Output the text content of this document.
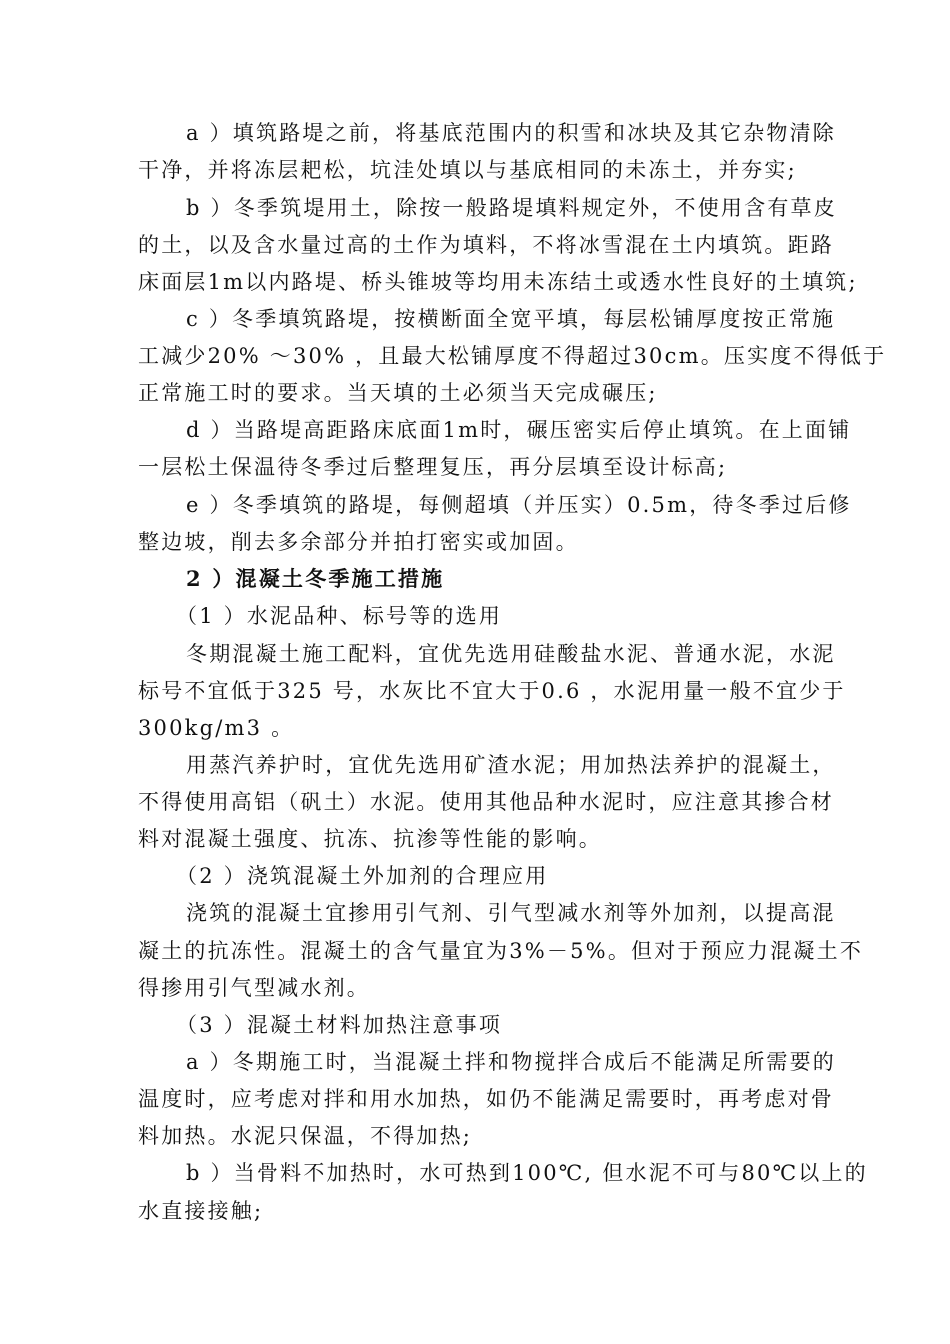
a ）填筑路堤之前，将基底范围内的积雪和冰块及其它杂物清除
干净，并将冻层耙松，坑洼处填以与基底相同的未冻土，并夯实;
b ）冬季筑堤用土，除按一般路堤填料规定外，不使用含有草皮
的土，以及含水量过高的土作为填料，不将冰雪混在土内填筑。距路
床面层1m以内路堤、桥头锥坡等均用未冻结土或透水性良好的土填筑;
c ）冬季填筑路堤，按横断面全宽平填，每层松铺厚度按正常施
工减少20% ～30% ，且最大松铺厚度不得超过30cm。压实度不得低于
正常施工时的要求。当天填的土必须当天完成碾压;
d ）当路堤高距路床底面1m时，碾压密实后停止填筑。在上面铺
一层松土保温待冬季过后整理复压，再分层填至设计标高;
e ）冬季填筑的路堤，每侧超填（并压实）0.5m，待冬季过后修
整边坡，削去多余部分并拍打密实或加固。
2 ）混凝土冬季施工措施
（1 ）水泥品种、标号等的选用
冬期混凝土施工配料，宜优先选用硅酸盐水泥、普通水泥，水泥
标号不宜低于325 号，水灰比不宜大于0.6 ，水泥用量一般不宜少于
300kg/m3 。
用蒸汽养护时，宜优先选用矿渣水泥；用加热法养护的混凝土，
不得使用高铝（矾土）水泥。使用其他品种水泥时，应注意其掺合材
料对混凝土强度、抗冻、抗渗等性能的影响。
（2 ）浇筑混凝土外加剂的合理应用
浇筑的混凝土宜掺用引气剂、引气型减水剂等外加剂，以提高混
凝土的抗冻性。混凝土的含气量宜为3%－5%。但对于预应力混凝土不
得掺用引气型减水剂。
（3 ）混凝土材料加热注意事项
a ）冬期施工时，当混凝土拌和物搅拌合成后不能满足所需要的
温度时，应考虑对拌和用水加热，如仍不能满足需要时，再考虑对骨
料加热。水泥只保温，不得加热;
b ）当骨料不加热时，水可热到100℃, 但水泥不可与80℃以上的
水直接接触;
